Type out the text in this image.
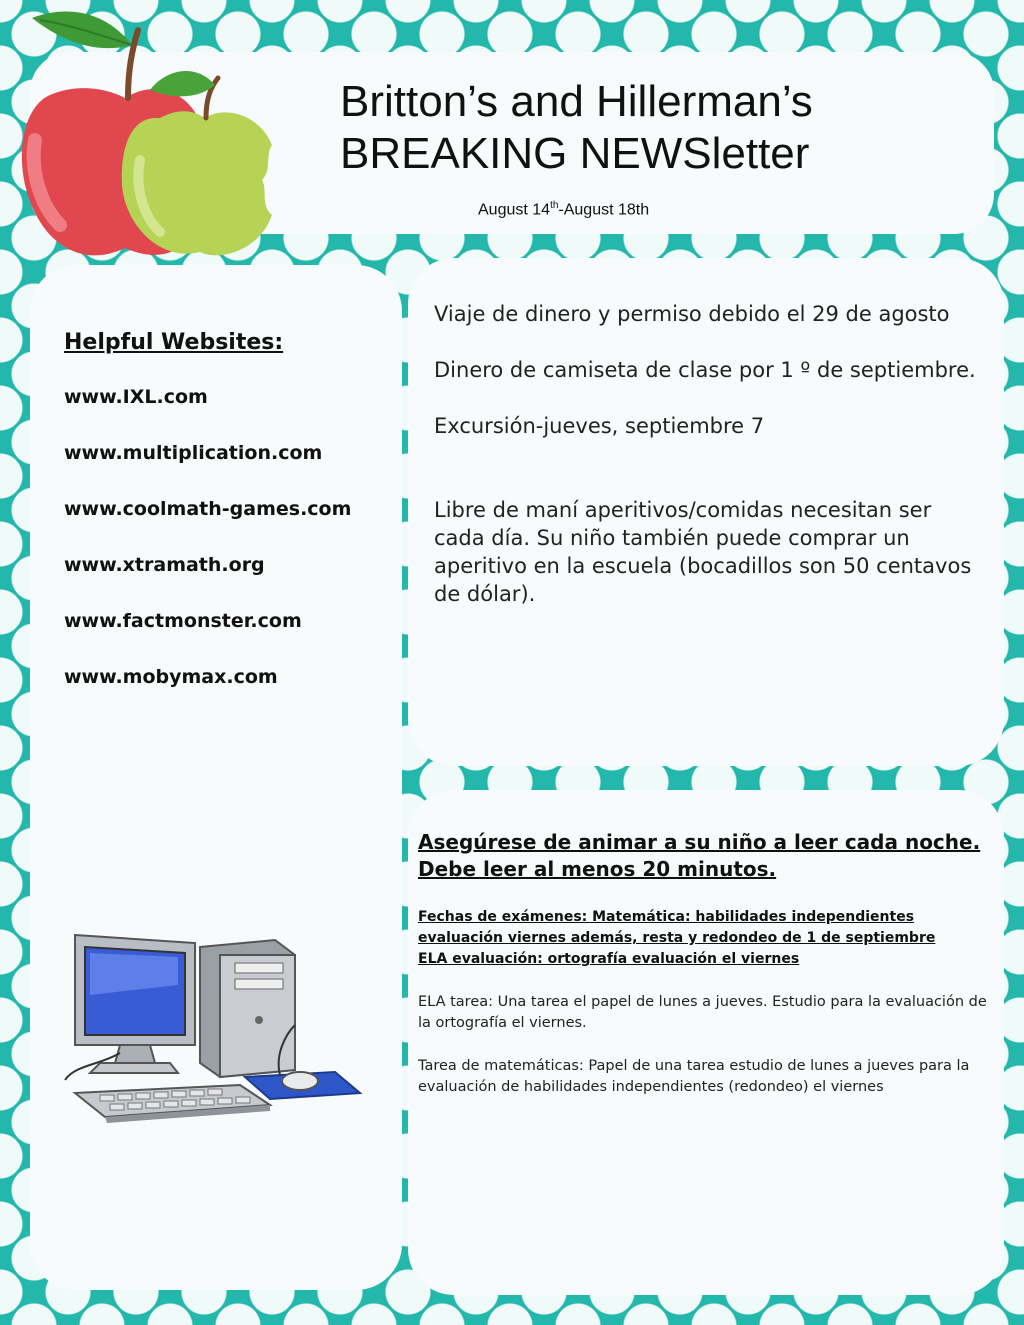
Britton’s and Hillerman’s
BREAKING NEWSletter
August 14th-August 18th
Helpful Websites:
www.IXL.com
www.multiplication.com
www.coolmath-games.com
www.xtramath.org
www.factmonster.com
www.mobymax.com

Viaje de dinero y permiso debido el 29 de agosto

Dinero de camiseta de clase por 1 º de septiembre.

Excursión-jueves, septiembre 7

Libre de maní aperitivos/comidas necesitan ser cada día. Su niño también puede comprar un aperitivo en la escuela (bocadillos son 50 centavos de dólar).

Asegúrese de animar a su niño a leer cada noche. Debe leer al menos 20 minutos.
Fechas de exámenes: Matemática: habilidades independientes
evaluación viernes además, resta y redondeo de 1 de septiembre
ELA evaluación: ortografía evaluación el viernes

ELA tarea: Una tarea el papel de lunes a jueves. Estudio para la evaluación de la ortografía el viernes.

Tarea de matemáticas: Papel de una tarea estudio de lunes a jueves para la evaluación de habilidades independientes (redondeo) el viernes
